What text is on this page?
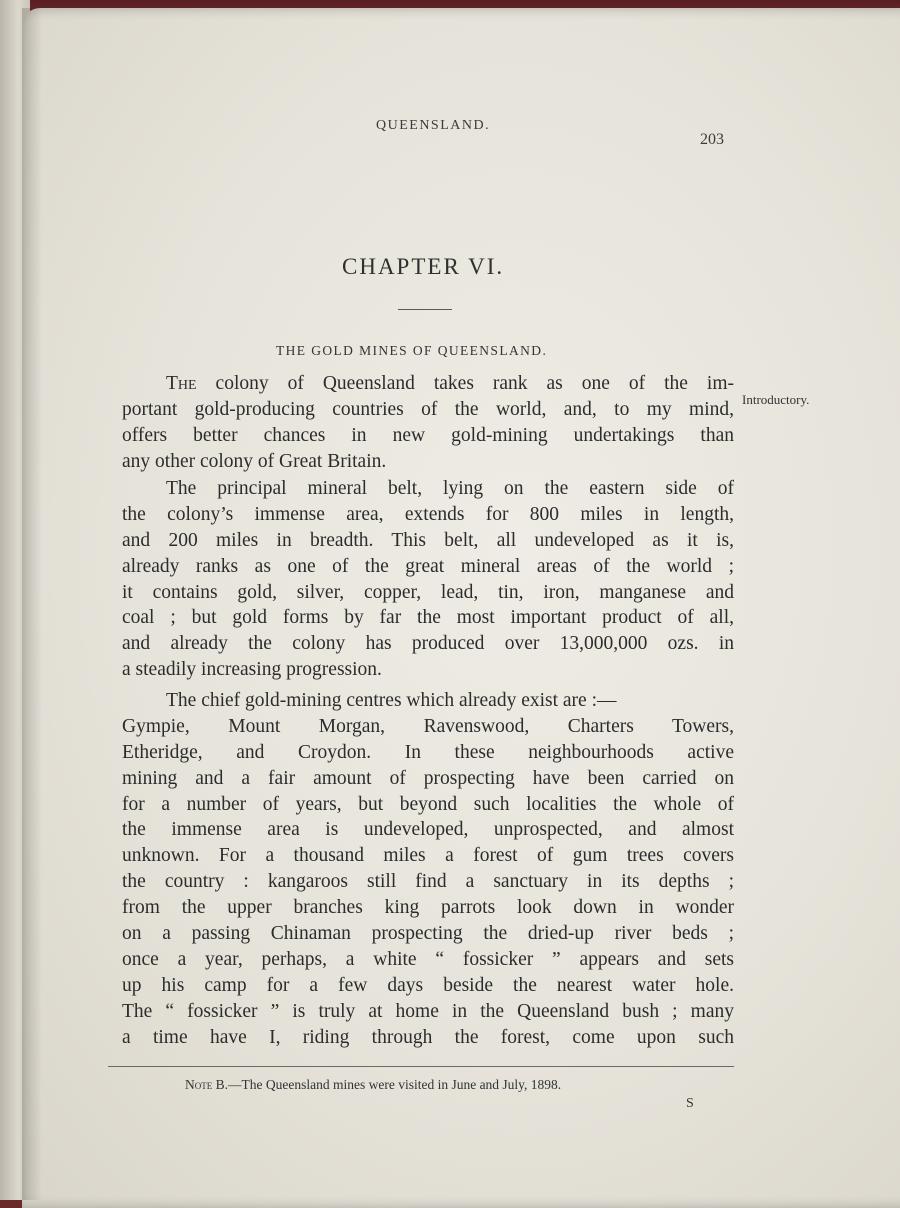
QUEENSLAND.
203
CHAPTER VI.
THE GOLD MINES OF QUEENSLAND.
Introductory.
The colony of Queensland takes rank as one of the im-
portant gold-producing countries of the world, and, to my mind,
offers better chances in new gold-mining undertakings than
any other colony of Great Britain.
The principal mineral belt, lying on the eastern side of
the colony’s immense area, extends for 800 miles in length,
and 200 miles in breadth. This belt, all undeveloped as it is,
already ranks as one of the great mineral areas of the world ;
it contains gold, silver, copper, lead, tin, iron, manganese and
coal ; but gold forms by far the most important product of all,
and already the colony has produced over 13,000,000 ozs. in
a steadily increasing progression.
The chief gold-mining centres which already exist are :—
Gympie, Mount Morgan, Ravenswood, Charters Towers,
Etheridge, and Croydon. In these neighbourhoods active
mining and a fair amount of prospecting have been carried on
for a number of years, but beyond such localities the whole of
the immense area is undeveloped, unprospected, and almost
unknown. For a thousand miles a forest of gum trees covers
the country : kangaroos still find a sanctuary in its depths ;
from the upper branches king parrots look down in wonder
on a passing Chinaman prospecting the dried-up river beds ;
once a year, perhaps, a white “ fossicker ” appears and sets
up his camp for a few days beside the nearest water hole.
The “ fossicker ” is truly at home in the Queensland bush ; many
a time have I, riding through the forest, come upon such
Note B.—The Queensland mines were visited in June and July, 1898.
S
